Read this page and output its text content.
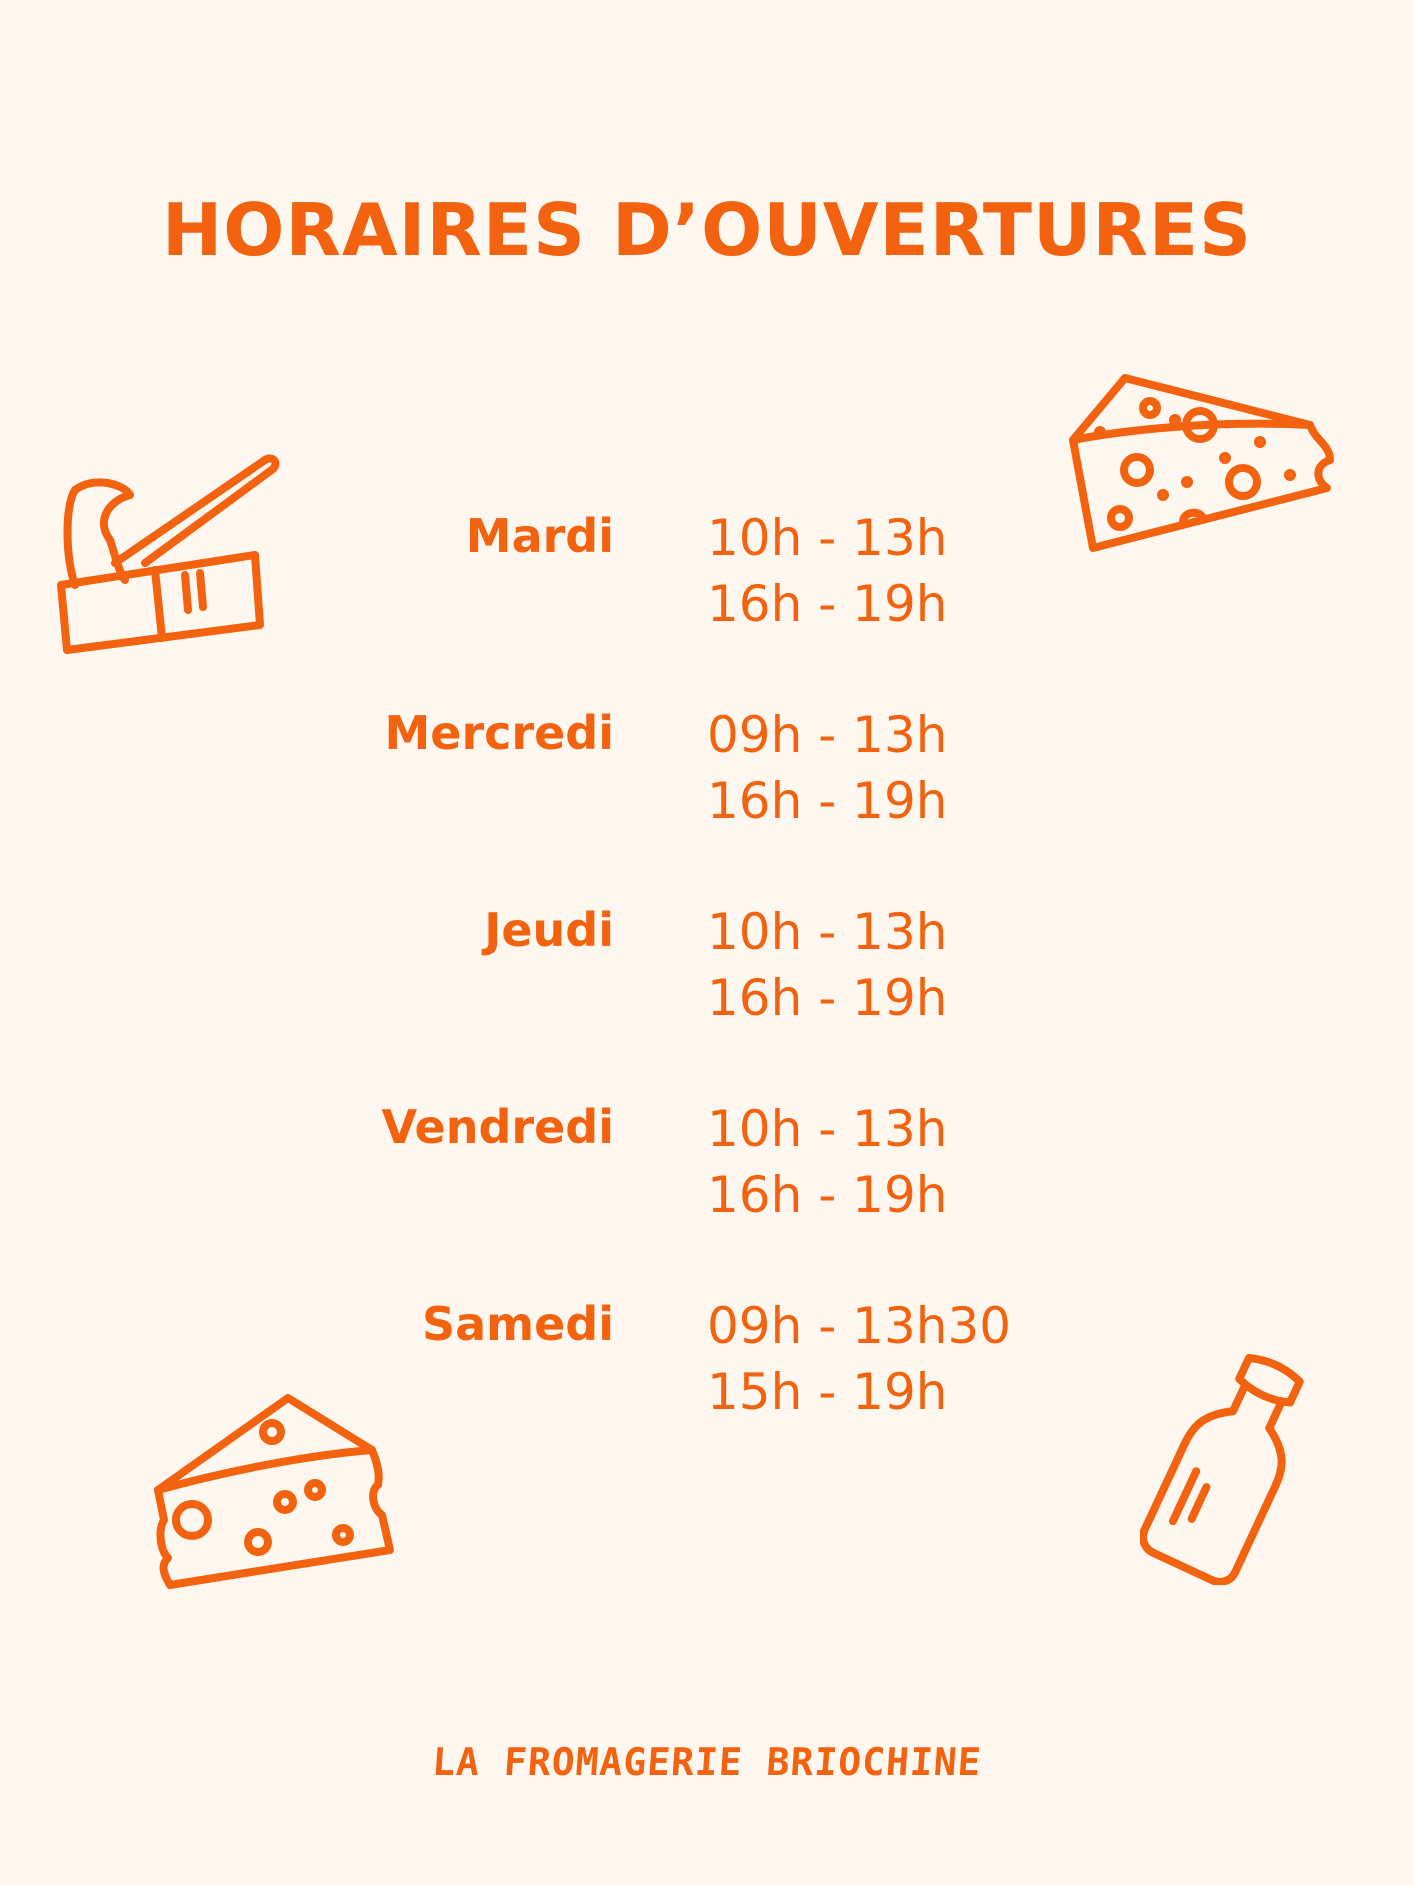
HORAIRES D’OUVERTURES
Mardi 10h - 13h
16h - 19h
Mercredi 09h - 13h
16h - 19h
Jeudi 10h - 13h
16h - 19h
Vendredi 10h - 13h
16h - 19h
Samedi 09h - 13h30
15h - 19h
LA FROMAGERIE BRIOCHINE
